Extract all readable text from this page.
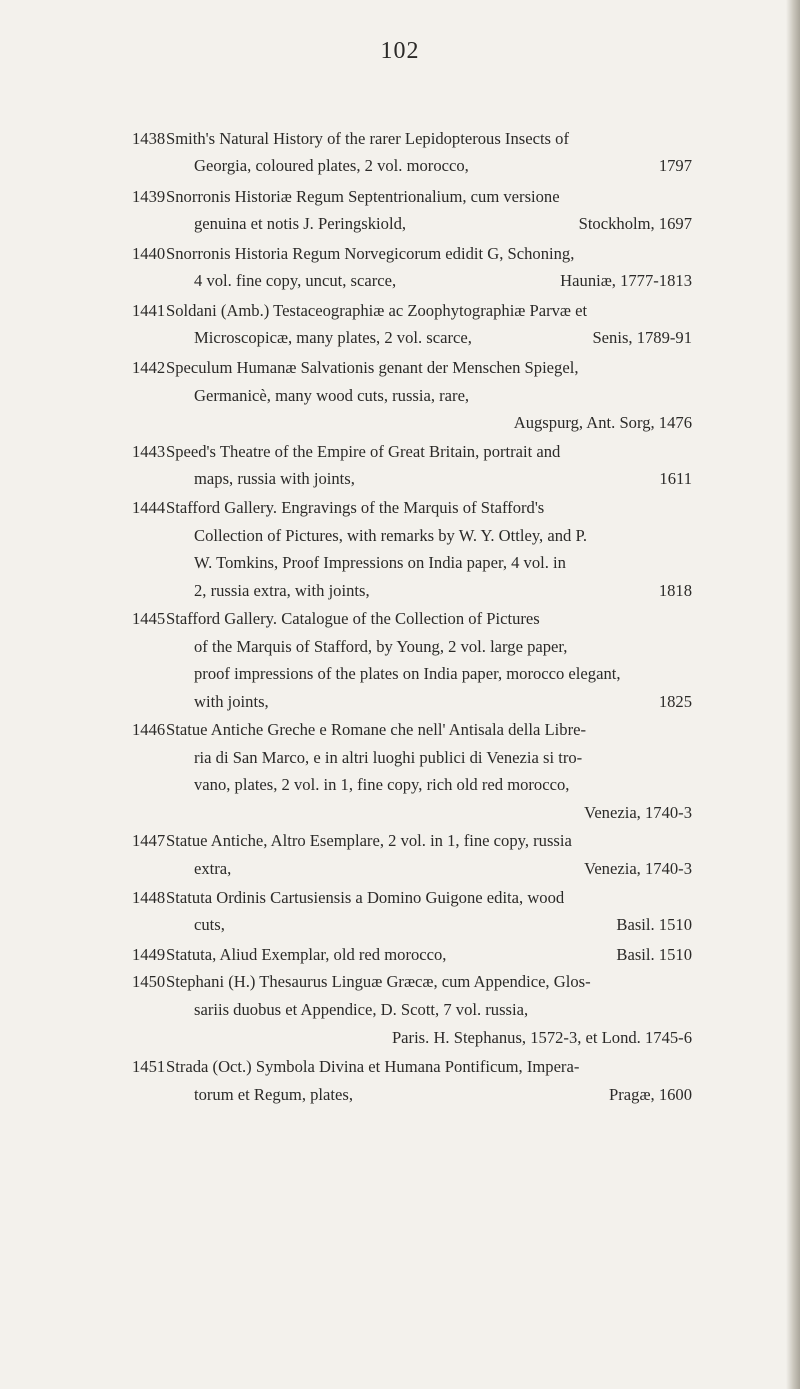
102
1438 Smith's Natural History of the rarer Lepidopterous Insects of
Georgia, coloured plates, 2 vol. morocco,	1797
1439 Snorronis Historiæ Regum Septentrionalium, cum versione
genuina et notis J. Peringskiold,	Stockholm, 1697
1440 Snorronis Historia Regum Norvegicorum edidit G, Schoning,
4 vol. fine copy, uncut, scarce,	Hauniæ, 1777-1813
1441 Soldani (Amb.) Testaceographiæ ac Zoophytographiæ Parvæ et
Microscopicæ, many plates, 2 vol. scarce,	Senis, 1789-91
1442 Speculum Humanæ Salvationis genant der Menschen Spiegel,
Germanicè, many wood cuts, russia, rare,
Augspurg, Ant. Sorg, 1476
1443 Speed's Theatre of the Empire of Great Britain, portrait and
maps, russia with joints,	1611
1444 Stafford Gallery. Engravings of the Marquis of Stafford's
Collection of Pictures, with remarks by W. Y. Ottley, and P.
W. Tomkins, Proof Impressions on India paper, 4 vol. in
2, russia extra, with joints,	1818
1445 Stafford Gallery. Catalogue of the Collection of Pictures
of the Marquis of Stafford, by Young, 2 vol. large paper,
proof impressions of the plates on India paper, morocco elegant,
with joints,	1825
1446 Statue Antiche Greche e Romane che nell' Antisala della Libre-
ria di San Marco, e in altri luoghi publici di Venezia si tro-
vano, plates, 2 vol. in 1, fine copy, rich old red morocco,
Venezia, 1740-3
1447 Statue Antiche, Altro Esemplare, 2 vol. in 1, fine copy, russia
extra,	Venezia, 1740-3
1448 Statuta Ordinis Cartusiensis a Domino Guigone edita, wood
cuts,	Basil. 1510
1449 Statuta, Aliud Exemplar, old red morocco,	Basil. 1510
1450 Stephani (H.) Thesaurus Linguæ Græcæ, cum Appendice, Glos-
sariis duobus et Appendice, D. Scott, 7 vol. russia,
Paris. H. Stephanus, 1572-3, et Lond. 1745-6
1451 Strada (Oct.) Symbola Divina et Humana Pontificum, Impera-
torum et Regum, plates,	Pragæ, 1600
